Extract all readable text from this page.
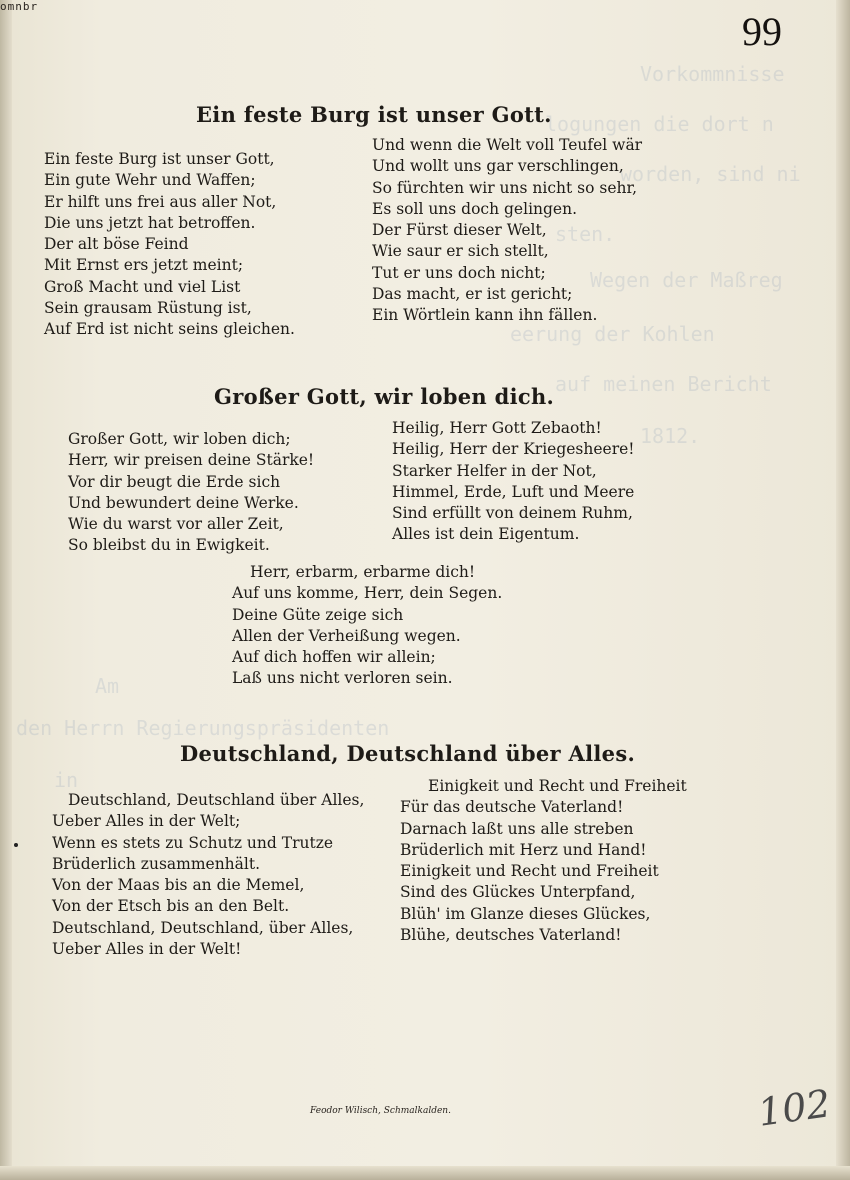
omnbr
99
Vorkommnisse
logungen die dort n
worden, sind ni
sten.
Wegen der Maßreg
eerung der Kohlen
auf meinen Bericht
1812.
Am
den Herrn Regierungspräsidenten
in
Ein feste Burg ist unser Gott.
Ein feste Burg ist unser Gott,
Ein gute Wehr und Waffen;
Er hilft uns frei aus aller Not,
Die uns jetzt hat betroffen.
Der alt böse Feind
Mit Ernst ers jetzt meint;
Groß Macht und viel List
Sein grausam Rüstung ist,
Auf Erd ist nicht seins gleichen.
Und wenn die Welt voll Teufel wär
Und wollt uns gar verschlingen,
So fürchten wir uns nicht so sehr,
Es soll uns doch gelingen.
Der Fürst dieser Welt,
Wie saur er sich stellt,
Tut er uns doch nicht;
Das macht, er ist gericht;
Ein Wörtlein kann ihn fällen.
Großer Gott, wir loben dich.
Großer Gott, wir loben dich;
Herr, wir preisen deine Stärke!
Vor dir beugt die Erde sich
Und bewundert deine Werke.
Wie du warst vor aller Zeit,
So bleibst du in Ewigkeit.
Heilig, Herr Gott Zebaoth!
Heilig, Herr der Kriegesheere!
Starker Helfer in der Not,
Himmel, Erde, Luft und Meere
Sind erfüllt von deinem Ruhm,
Alles ist dein Eigentum.
Herr, erbarm, erbarme dich!
Auf uns komme, Herr, dein Segen.
Deine Güte zeige sich
Allen der Verheißung wegen.
Auf dich hoffen wir allein;
Laß uns nicht verloren sein.
Deutschland, Deutschland über Alles.
Deutschland, Deutschland über Alles,
Ueber Alles in der Welt;
Wenn es stets zu Schutz und Trutze
Brüderlich zusammenhält.
Von der Maas bis an die Memel,
Von der Etsch bis an den Belt.
Deutschland, Deutschland, über Alles,
Ueber Alles in der Welt!
Einigkeit und Recht und Freiheit
Für das deutsche Vaterland!
Darnach laßt uns alle streben
Brüderlich mit Herz und Hand!
Einigkeit und Recht und Freiheit
Sind des Glückes Unterpfand,
Blüh' im Glanze dieses Glückes,
Blühe, deutsches Vaterland!
Feodor Wilisch, Schmalkalden.	102
